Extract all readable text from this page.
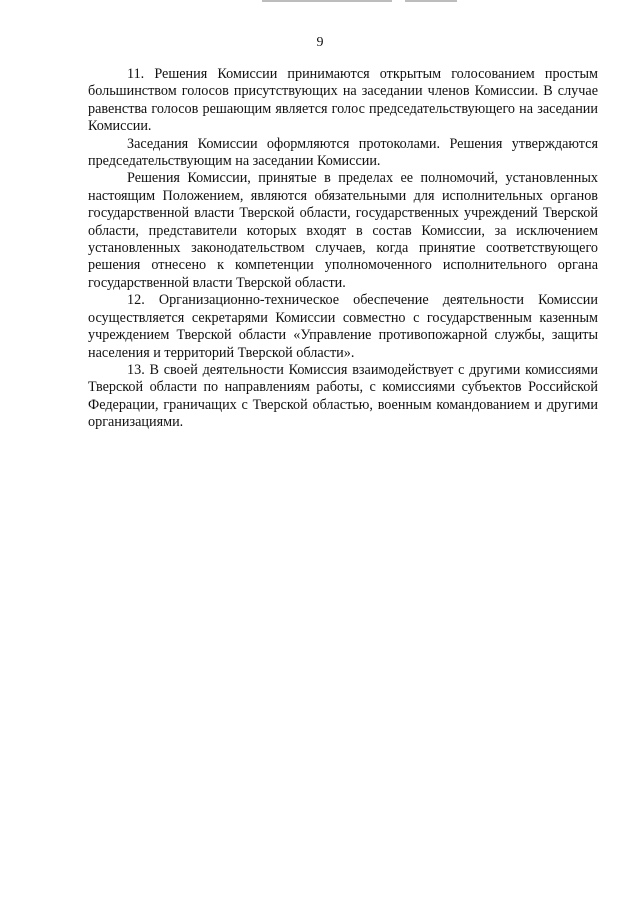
9

11. Решения Комиссии принимаются открытым голосованием простым большинством голосов присутствующих на заседании членов Комиссии. В случае равенства голосов решающим является голос председательствующего на заседании Комиссии.

Заседания Комиссии оформляются протоколами. Решения утверждаются председательствующим на заседании Комиссии.

Решения Комиссии, принятые в пределах ее полномочий, установленных настоящим Положением, являются обязательными для исполнительных органов государственной власти Тверской области, государственных учреждений Тверской области, представители которых входят в состав Комиссии, за исключением установленных законодательством случаев, когда принятие соответствующего решения отнесено к компетенции уполномоченного исполнительного органа государственной власти Тверской области.

12. Организационно-техническое обеспечение деятельности Комиссии осуществляется секретарями Комиссии совместно с государственным казенным учреждением Тверской области «Управление противопожарной службы, защиты населения и территорий Тверской области».

13. В своей деятельности Комиссия взаимодействует с другими комиссиями Тверской области по направлениям работы, с комиссиями субъектов Российской Федерации, граничащих с Тверской областью, военным командованием и другими организациями.
